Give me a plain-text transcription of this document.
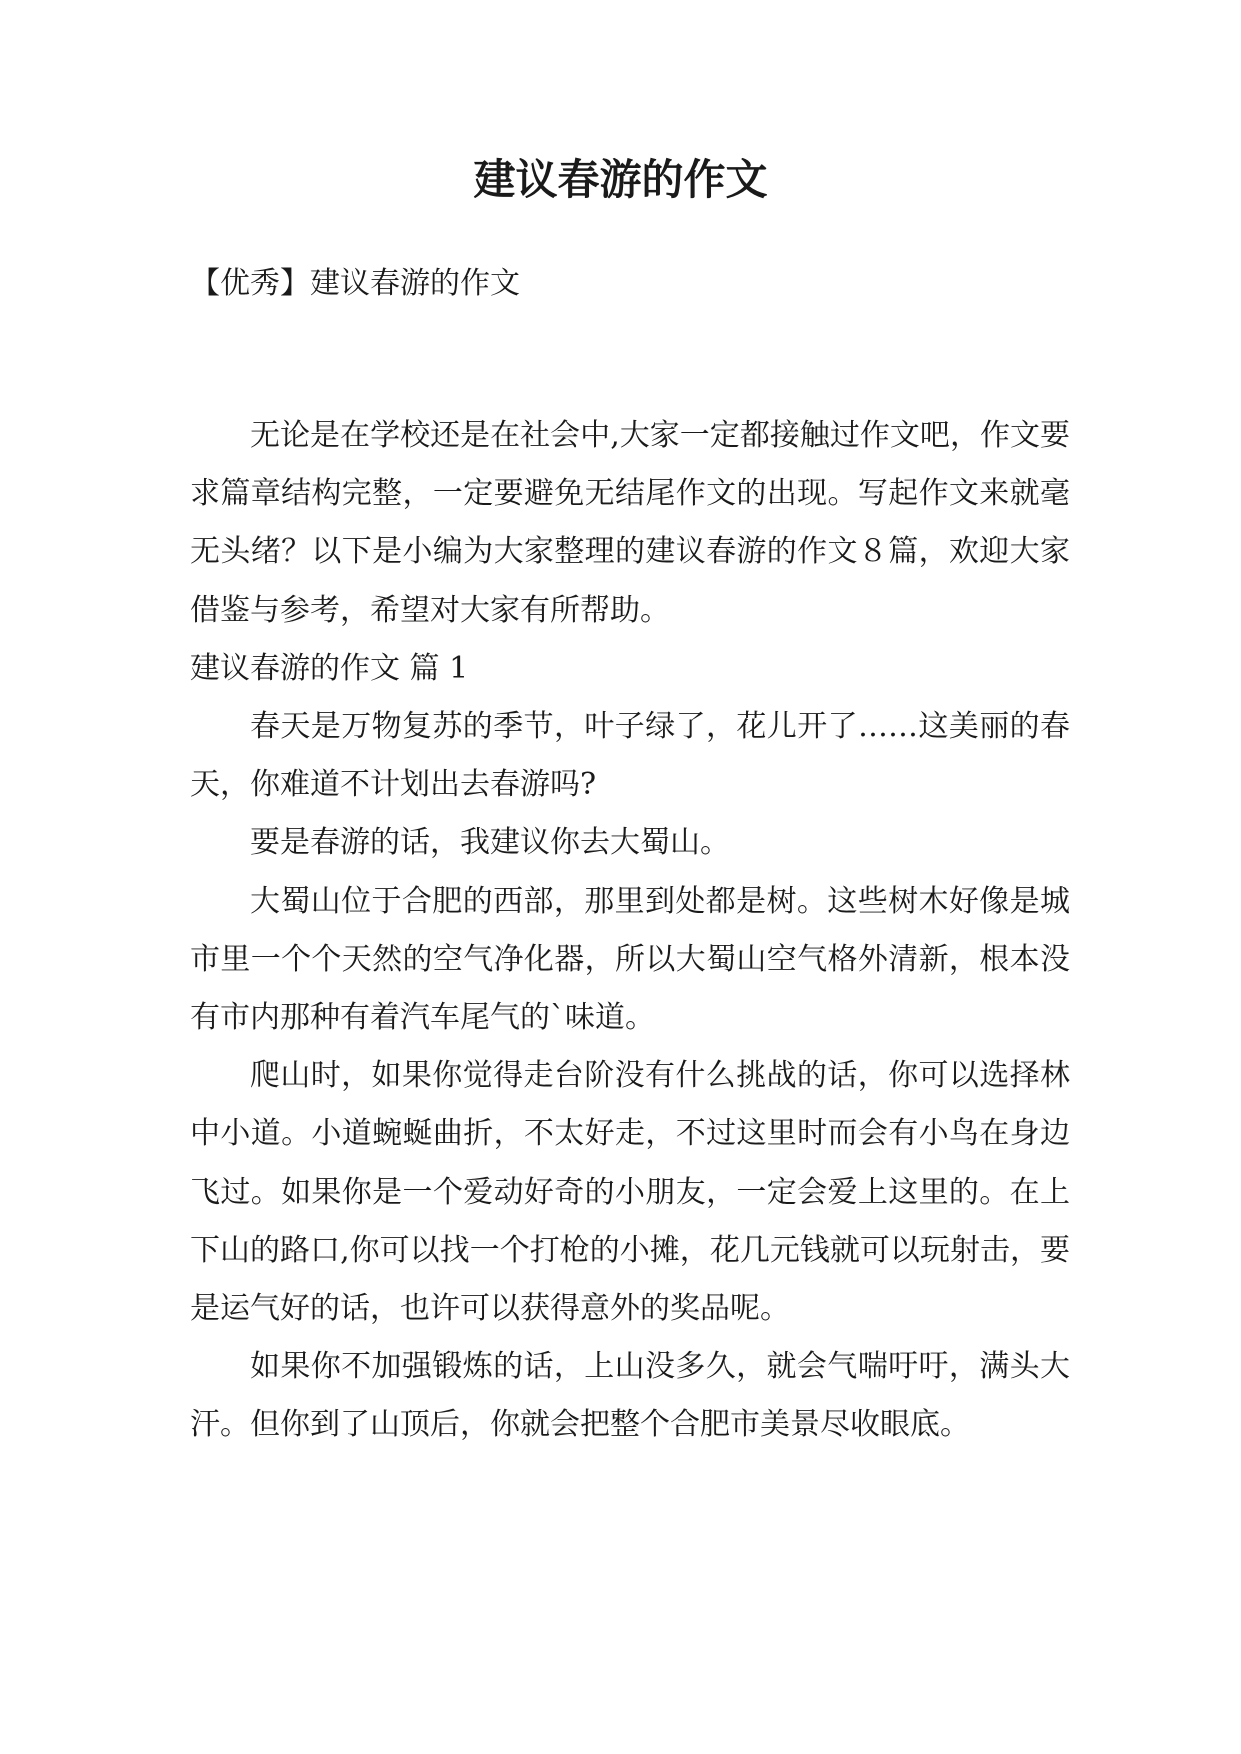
建议春游的作文
【优秀】建议春游的作文

无论是在学校还是在社会中,大家一定都接触过作文吧，作文要求篇章结构完整，一定要避免无结尾作文的出现。写起作文来就毫无头绪？以下是小编为大家整理的建议春游的作文８篇，欢迎大家借鉴与参考，希望对大家有所帮助。

建议春游的作文 篇 1

春天是万物复苏的季节，叶子绿了，花儿开了……这美丽的春天，你难道不计划出去春游吗?

要是春游的话，我建议你去大蜀山。

大蜀山位于合肥的西部，那里到处都是树。这些树木好像是城市里一个个天然的空气净化器，所以大蜀山空气格外清新，根本没有市内那种有着汽车尾气的`味道。

爬山时，如果你觉得走台阶没有什么挑战的话，你可以选择林中小道。小道蜿蜒曲折，不太好走，不过这里时而会有小鸟在身边飞过。如果你是一个爱动好奇的小朋友，一定会爱上这里的。在上下山的路口,你可以找一个打枪的小摊，花几元钱就可以玩射击，要是运气好的话，也许可以获得意外的奖品呢。

如果你不加强锻炼的话，上山没多久，就会气喘吁吁，满头大汗。但你到了山顶后，你就会把整个合肥市美景尽收眼底。
